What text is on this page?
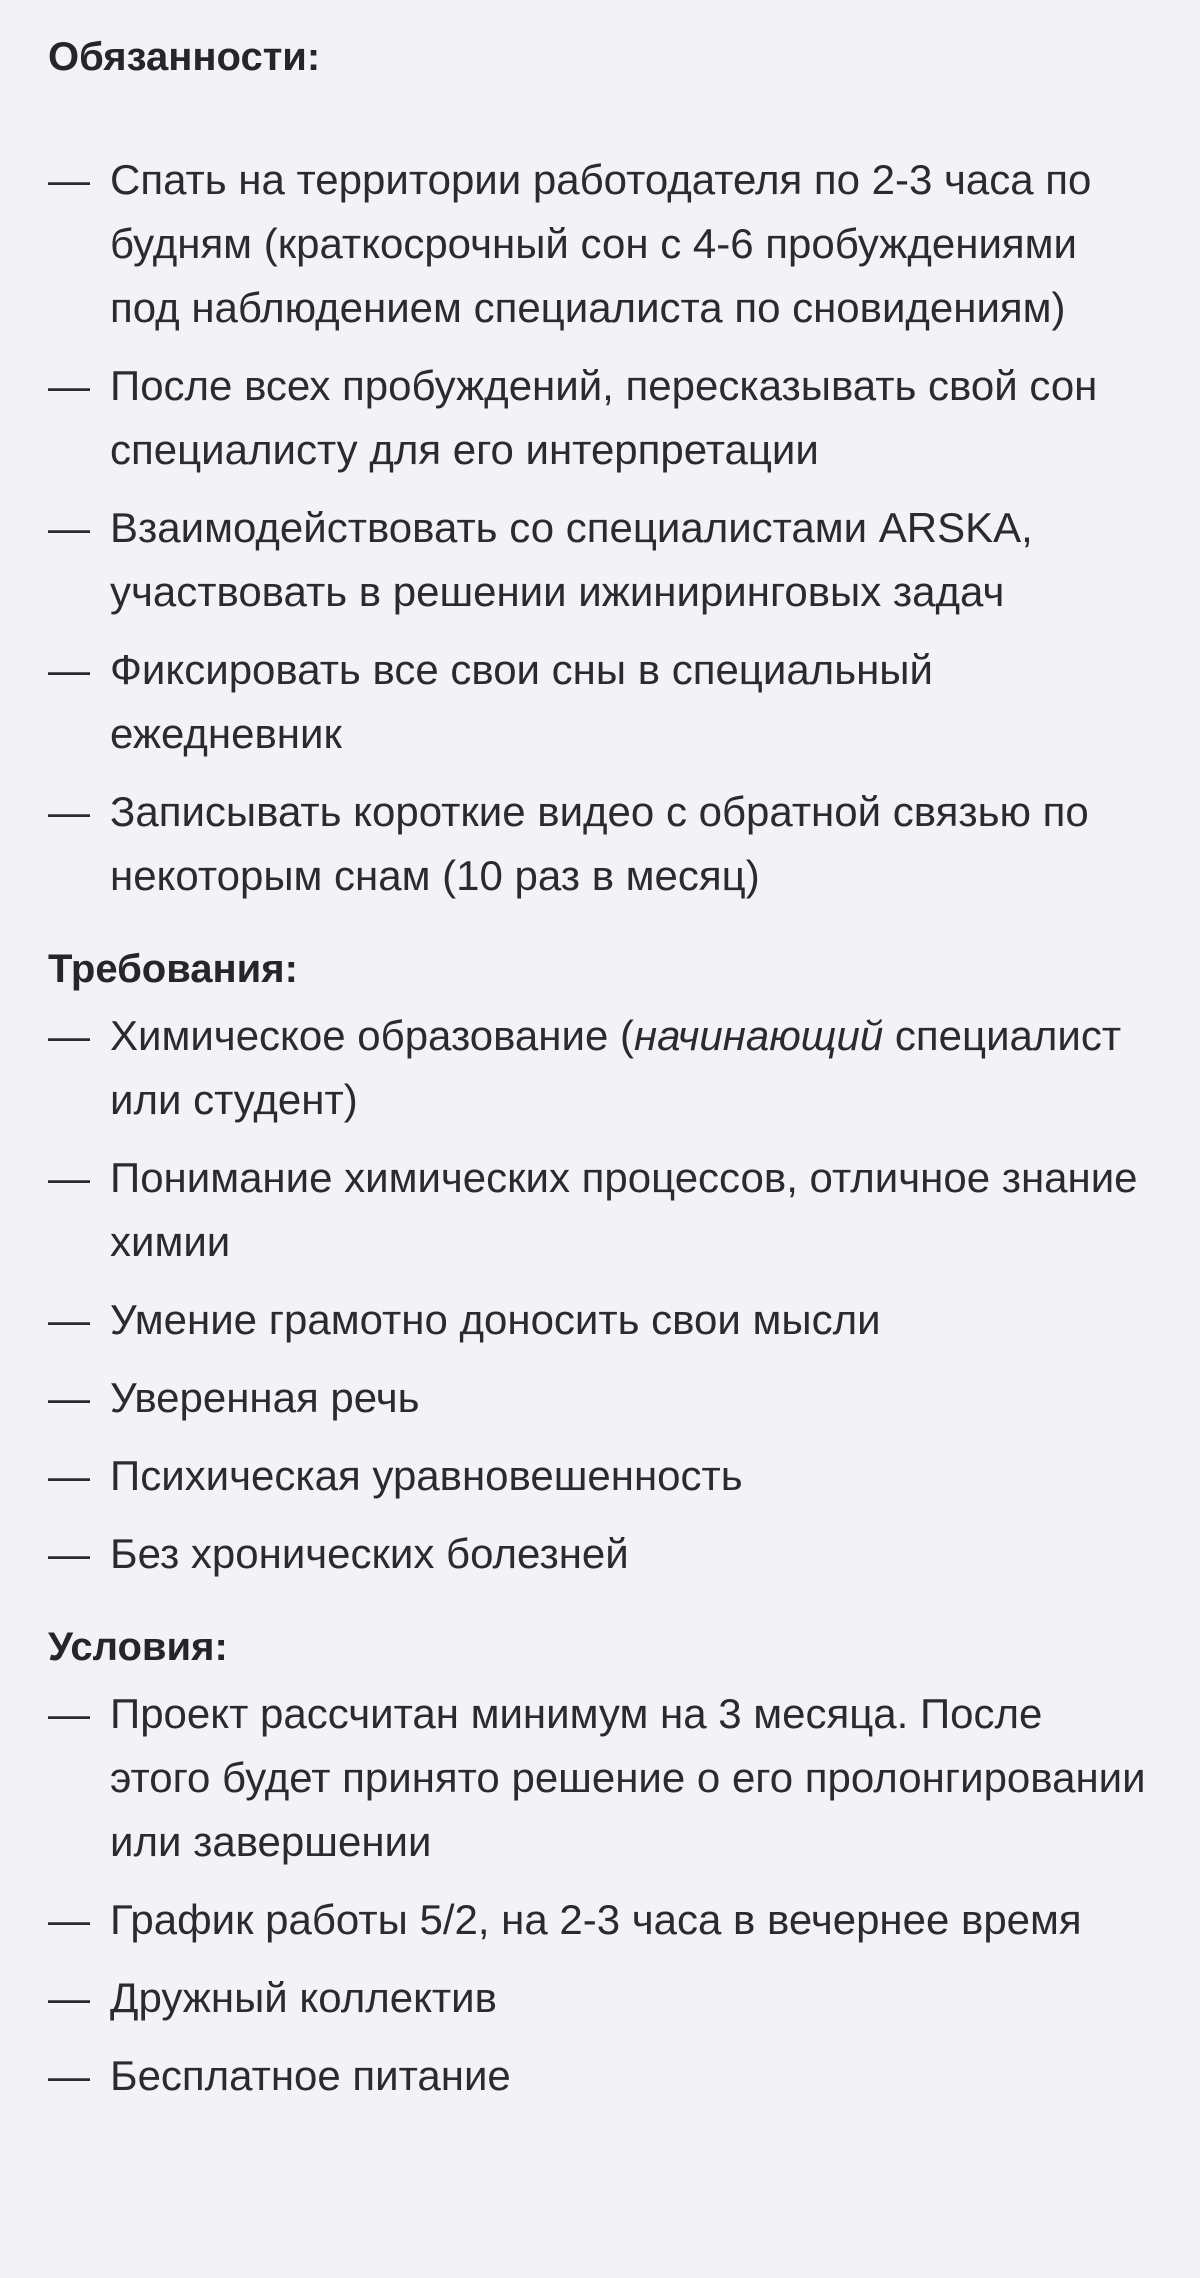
Обязанности:
— Спать на территории работодателя по 2-3 часа по будням (краткосрочный сон с 4-6 пробуждениями под наблюдением специалиста по сновидениям)
— После всех пробуждений, пересказывать свой сон специалисту для его интерпретации
— Взаимодействовать со специалистами ARSKA, участвовать в решении ижиниринговых задач
— Фиксировать все свои сны в специальный ежедневник
— Записывать короткие видео с обратной связью по некоторым снам (10 раз в месяц)
Требования:
— Химическое образование (начинающий специалист или студент)
— Понимание химических процессов, отличное знание химии
— Умение грамотно доносить свои мысли
— Уверенная речь
— Психическая уравновешенность
— Без хронических болезней
Условия:
— Проект рассчитан минимум на 3 месяца. После этого будет принято решение о его пролонгировании или завершении
— График работы 5/2, на 2-3 часа в вечернее время
— Дружный коллектив
— Бесплатное питание
